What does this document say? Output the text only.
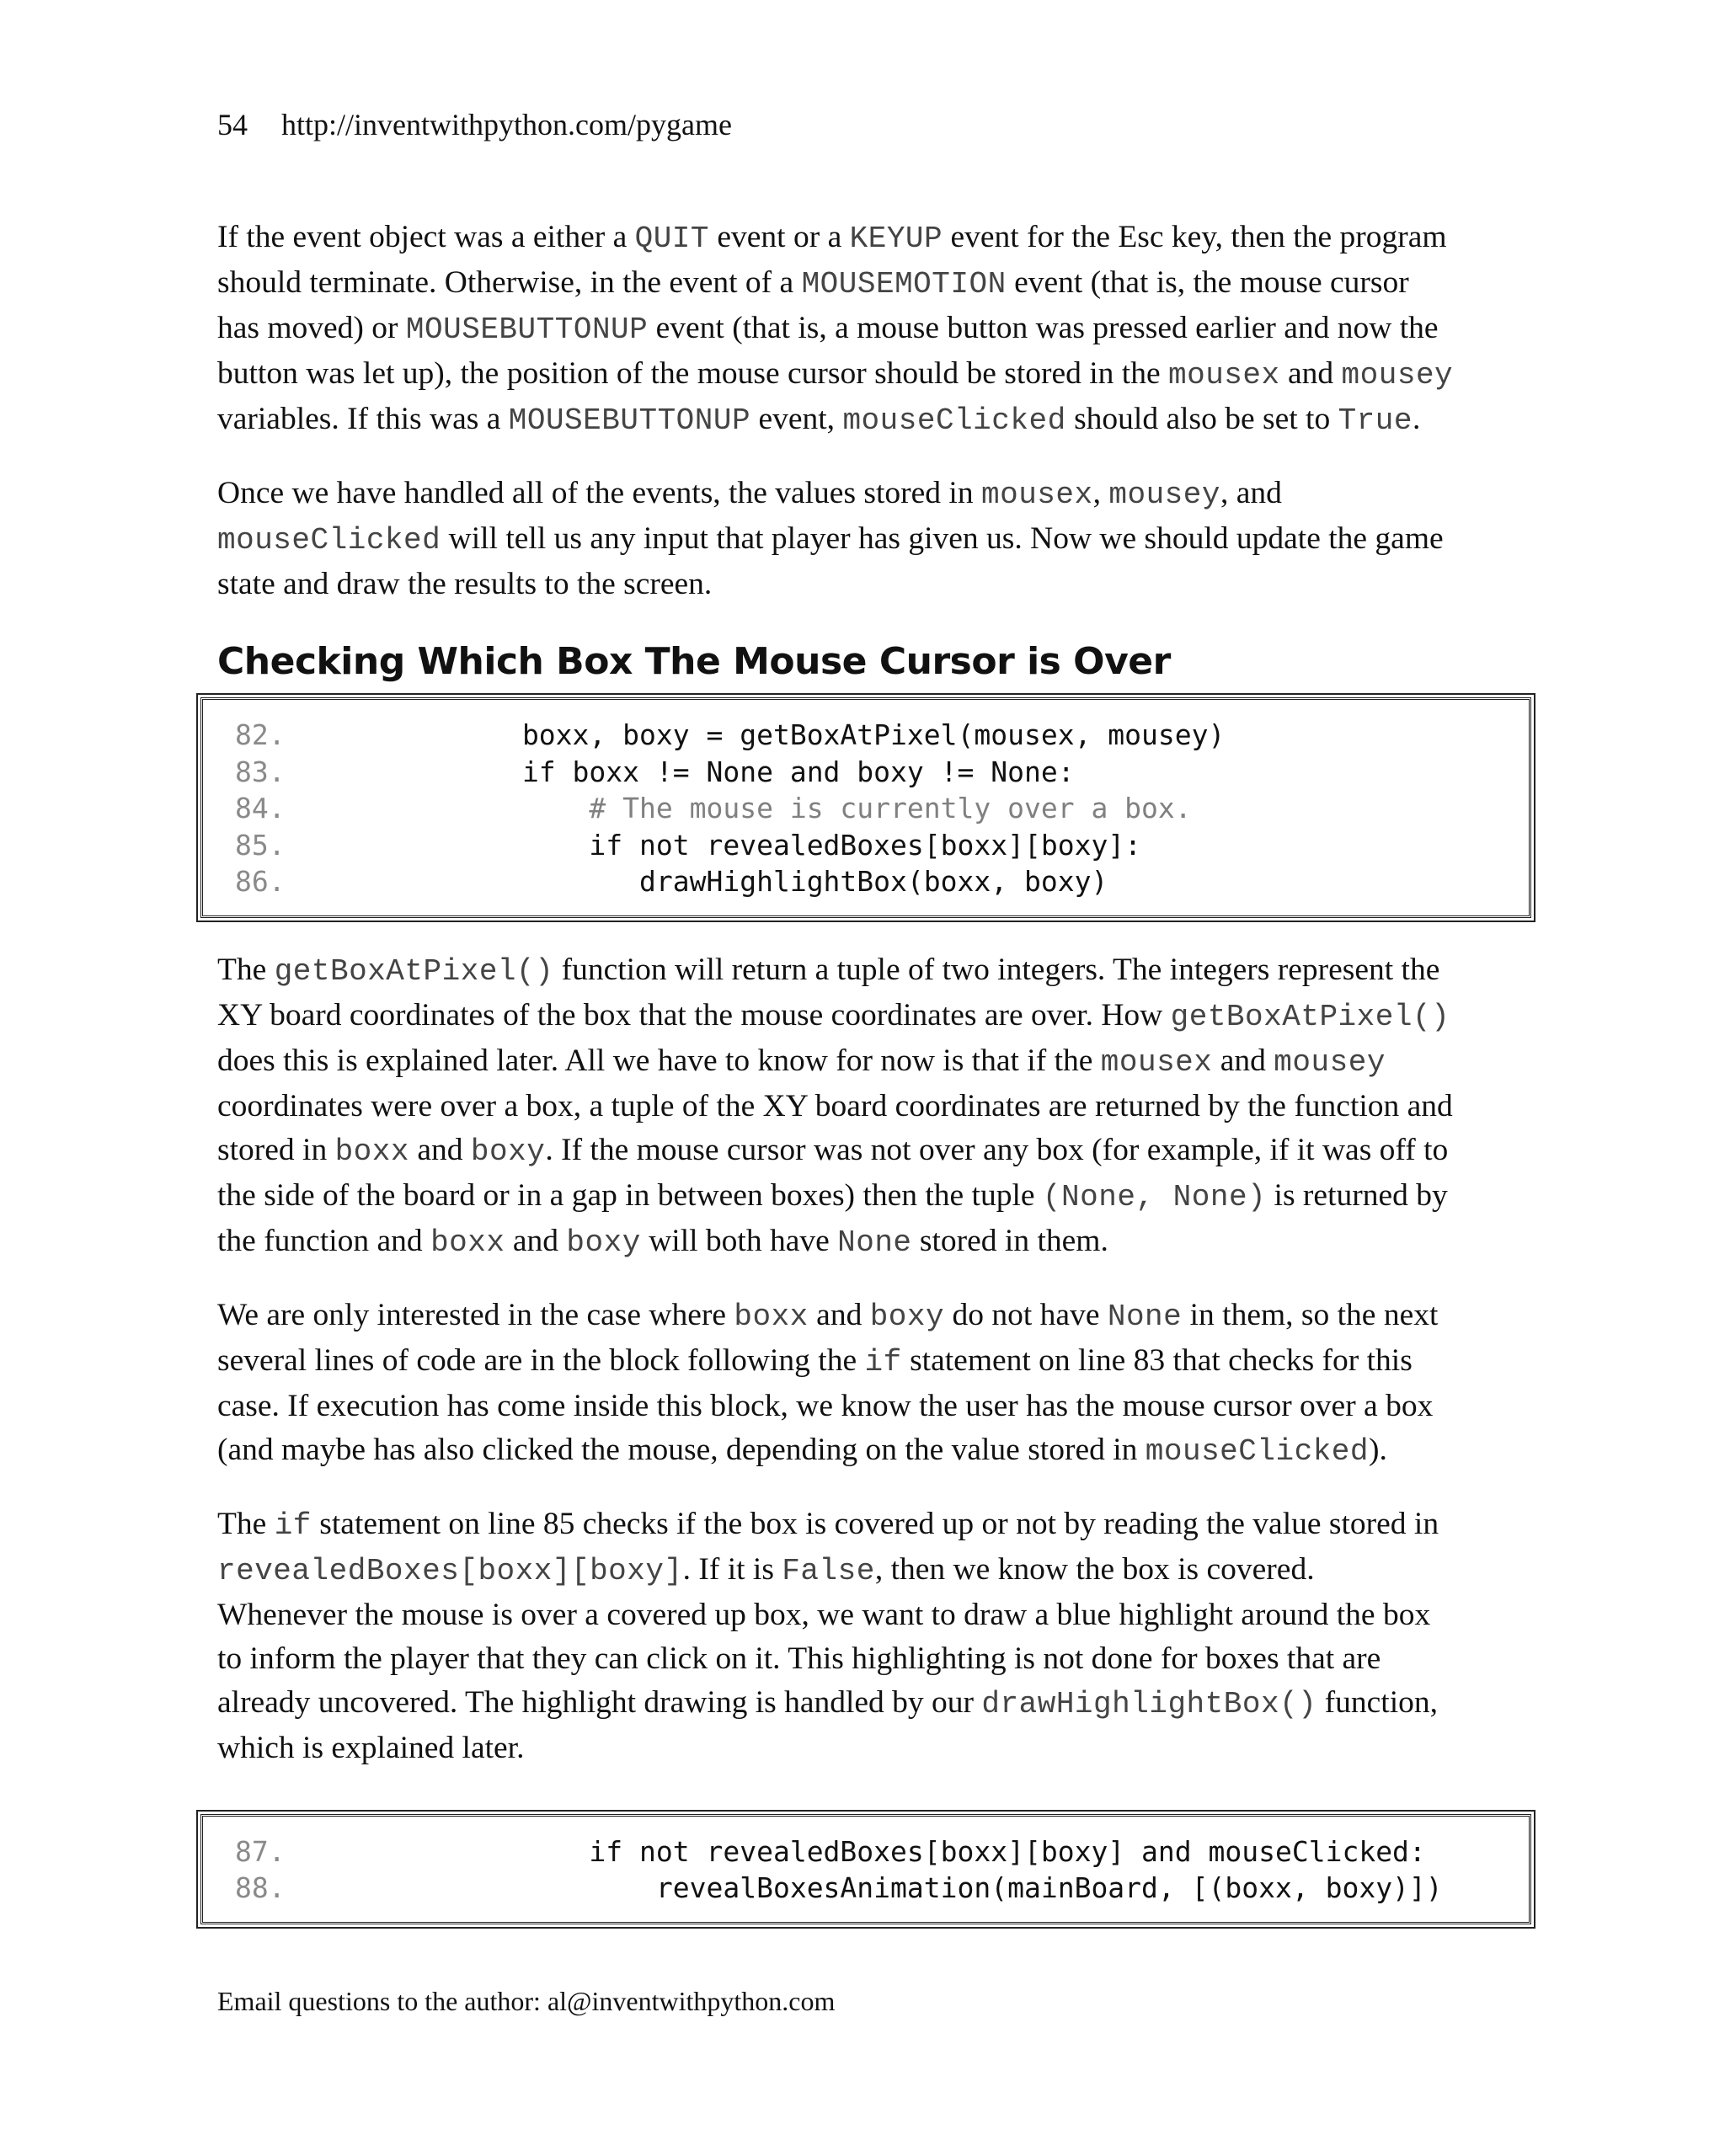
54 http://inventwithpython.com/pygame

If the event object was a either a QUIT event or a KEYUP event for the Esc key, then the program
should terminate. Otherwise, in the event of a MOUSEMOTION event (that is, the mouse cursor
has moved) or MOUSEBUTTONUP event (that is, a mouse button was pressed earlier and now the
button was let up), the position of the mouse cursor should be stored in the mousex and mousey
variables. If this was a MOUSEBUTTONUP event, mouseClicked should also be set to True.

Once we have handled all of the events, the values stored in mousex, mousey, and
mouseClicked will tell us any input that player has given us. Now we should update the game
state and draw the results to the screen.

Checking Which Box The Mouse Cursor is Over
82.	boxx, boxy = getBoxAtPixel(mousex, mousey)
83.	if boxx != None and boxy != None:
84.	# The mouse is currently over a box.
85.	if not revealedBoxes[boxx][boxy]:
86.	drawHighlightBox(boxx, boxy)

The getBoxAtPixel() function will return a tuple of two integers. The integers represent the
XY board coordinates of the box that the mouse coordinates are over. How getBoxAtPixel()
does this is explained later. All we have to know for now is that if the mousex and mousey
coordinates were over a box, a tuple of the XY board coordinates are returned by the function and
stored in boxx and boxy. If the mouse cursor was not over any box (for example, if it was off to
the side of the board or in a gap in between boxes) then the tuple (None, None) is returned by
the function and boxx and boxy will both have None stored in them.

We are only interested in the case where boxx and boxy do not have None in them, so the next
several lines of code are in the block following the if statement on line 83 that checks for this
case. If execution has come inside this block, we know the user has the mouse cursor over a box
(and maybe has also clicked the mouse, depending on the value stored in mouseClicked).

The if statement on line 85 checks if the box is covered up or not by reading the value stored in
revealedBoxes[boxx][boxy]. If it is False, then we know the box is covered.
Whenever the mouse is over a covered up box, we want to draw a blue highlight around the box
to inform the player that they can click on it. This highlighting is not done for boxes that are
already uncovered. The highlight drawing is handled by our drawHighlightBox() function,
which is explained later.

87.	if not revealedBoxes[boxx][boxy] and mouseClicked:
88.	revealBoxesAnimation(mainBoard, [(boxx, boxy)])
Email questions to the author: al@inventwithpython.com
